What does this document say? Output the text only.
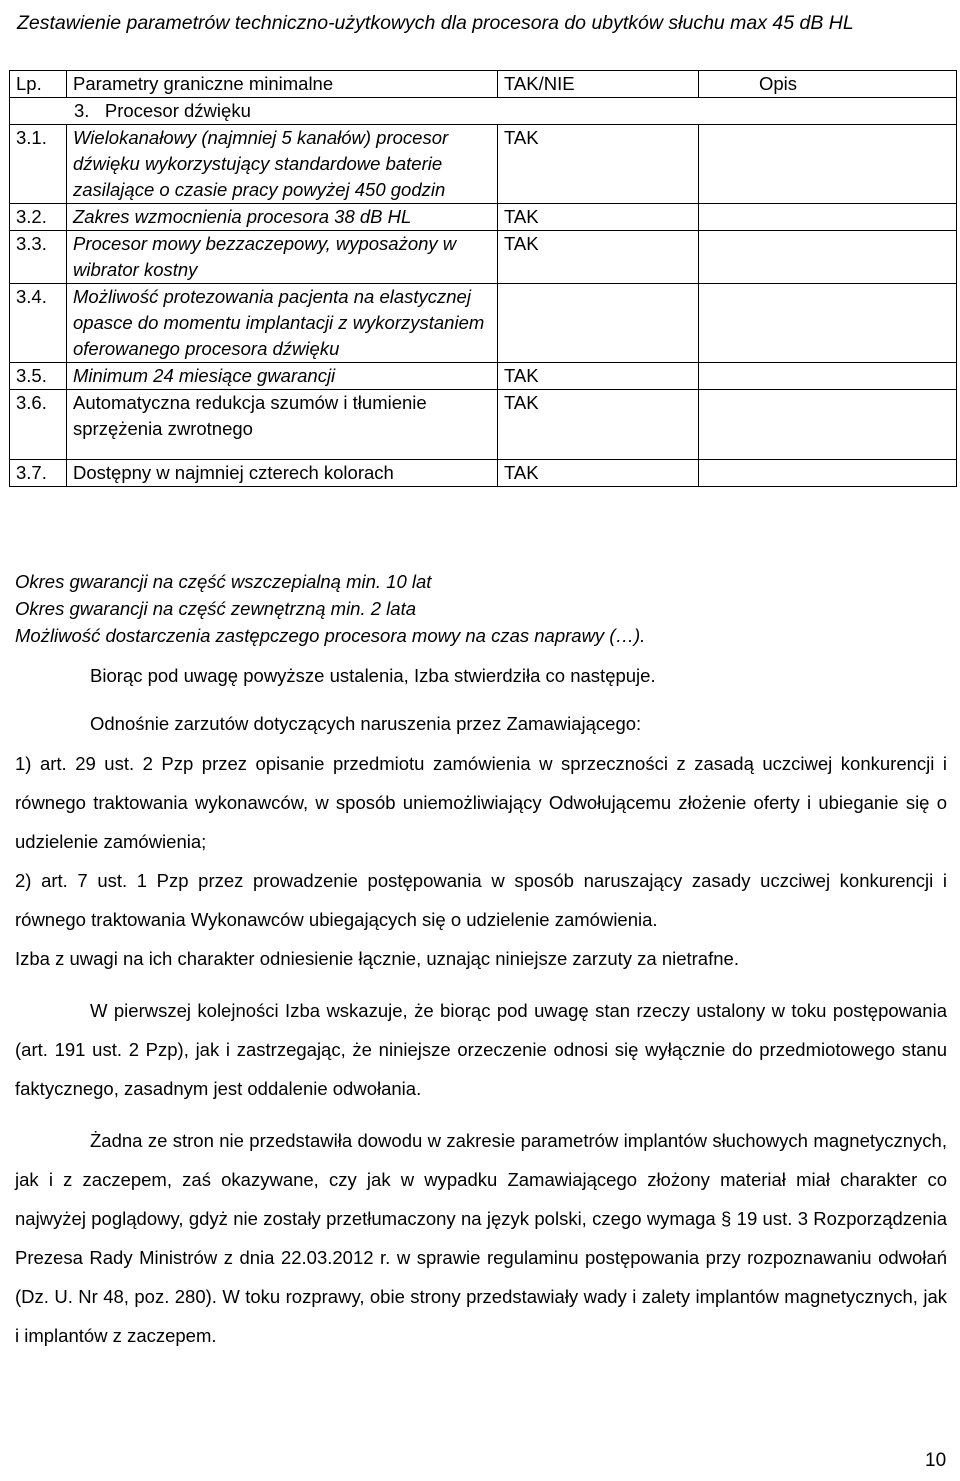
Zestawienie parametrów techniczno-użytkowych dla procesora do ubytków słuchu max 45 dB HL
Lp.	Parametry graniczne minimalne	TAK/NIE	Opis
3.   Procesor dźwięku			
3.1.	Wielokanałowy (najmniej 5 kanałów) procesor dźwięku wykorzystujący standardowe baterie zasilające o czasie pracy powyżej 450 godzin	TAK	
3.2.	Zakres wzmocnienia procesora 38 dB HL	TAK	
3.3.	Procesor mowy bezzaczepowy, wyposażony w wibrator kostny	TAK	
3.4.	Możliwość protezowania pacjenta na elastycznej opasce do momentu implantacji z wykorzystaniem oferowanego procesora dźwięku		
3.5.	Minimum 24 miesiące gwarancji	TAK	
3.6.	Automatyczna redukcja szumów i tłumienie sprzężenia zwrotnego	TAK	
3.7.	Dostępny w najmniej czterech kolorach	TAK	
Okres gwarancji na część wszczepialną min. 10 lat
Okres gwarancji na część zewnętrzną min. 2 lata
Możliwość dostarczenia zastępczego procesora mowy na czas naprawy (…).
Biorąc pod uwagę powyższe ustalenia, Izba stwierdziła co następuje.
Odnośnie zarzutów dotyczących naruszenia przez Zamawiającego:
1) art. 29 ust. 2 Pzp przez opisanie przedmiotu zamówienia w sprzeczności z zasadą uczciwej konkurencji i równego traktowania wykonawców, w sposób uniemożliwiający Odwołującemu złożenie oferty i ubieganie się o udzielenie zamówienia;
2) art. 7 ust. 1 Pzp przez prowadzenie postępowania w sposób naruszający zasady uczciwej konkurencji i równego traktowania Wykonawców ubiegających się o udzielenie zamówienia.
Izba z uwagi na ich charakter odniesienie łącznie, uznając niniejsze zarzuty za nietrafne.
W pierwszej kolejności Izba wskazuje, że biorąc pod uwagę stan rzeczy ustalony w toku postępowania (art. 191 ust. 2 Pzp), jak i zastrzegając, że niniejsze orzeczenie odnosi się wyłącznie do przedmiotowego stanu faktycznego, zasadnym jest oddalenie odwołania.
Żadna ze stron nie przedstawiła dowodu w zakresie parametrów implantów słuchowych magnetycznych, jak i z zaczepem, zaś okazywane, czy jak w wypadku Zamawiającego złożony materiał miał charakter co najwyżej poglądowy, gdyż nie zostały przetłumaczony na język polski, czego wymaga § 19 ust. 3 Rozporządzenia Prezesa Rady Ministrów z dnia 22.03.2012 r. w sprawie regulaminu postępowania przy rozpoznawaniu odwołań (Dz. U. Nr 48, poz. 280). W toku rozprawy, obie strony przedstawiały wady i zalety implantów magnetycznych, jak i implantów z zaczepem.
10
